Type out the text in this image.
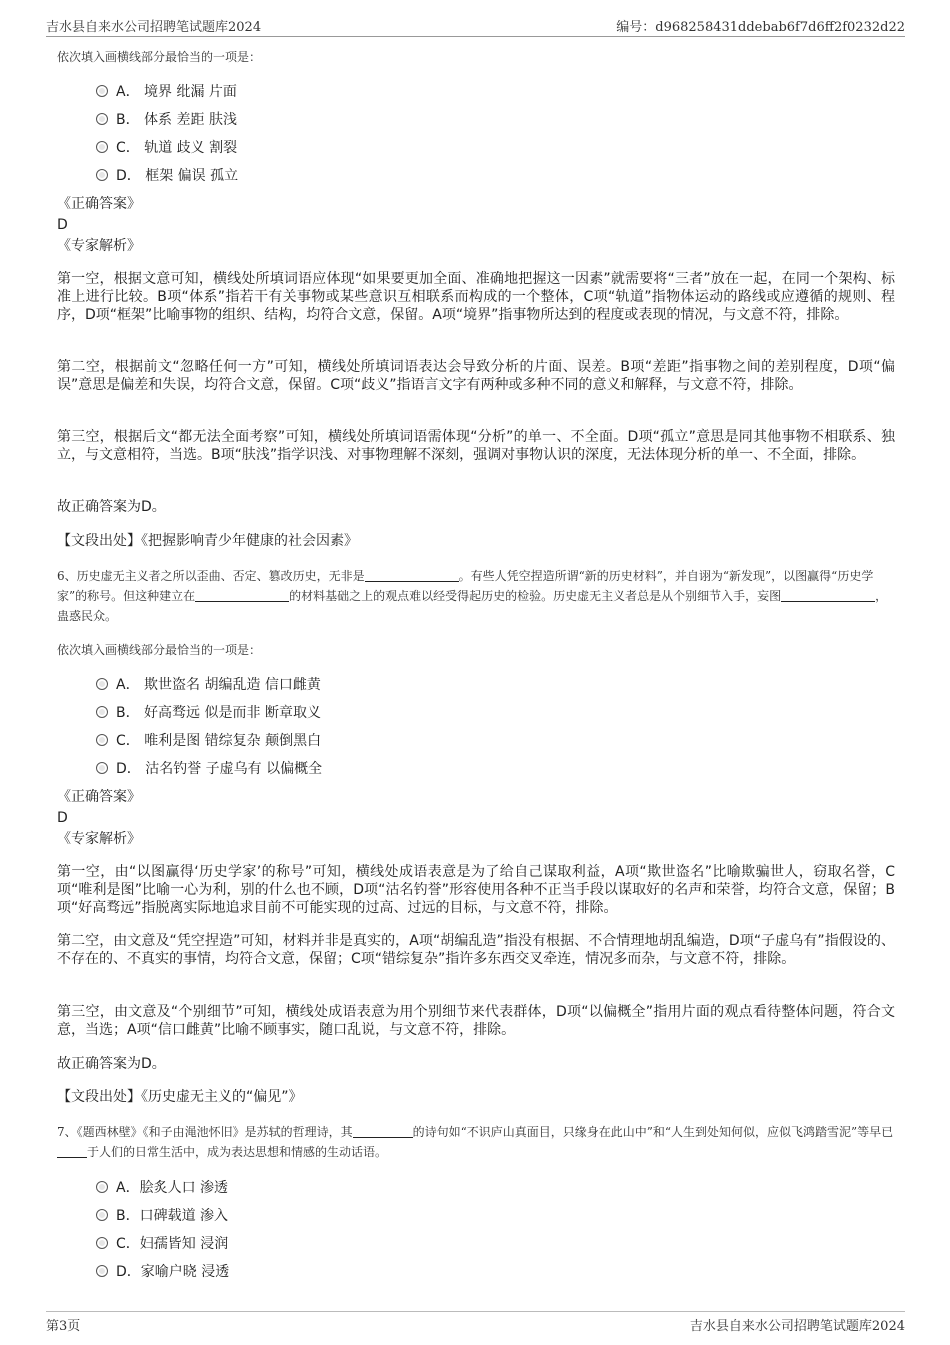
吉水县自来水公司招聘笔试题库2024	编号：d968258431ddebab6f7d6ff2f0232d22
依次填入画横线部分最恰当的一项是：
A． 境界 纰漏 片面
B． 体系 差距 肤浅
C． 轨道 歧义 割裂
D． 框架 偏误 孤立
《正确答案》
D
《专家解析》
第一空，根据文意可知，横线处所填词语应体现“如果要更加全面、准确地把握这一因素”就需要将“三者”放在一起，在同一个架构、标准上进行比较。B项“体系”指若干有关事物或某些意识互相联系而构成的一个整体，C项“轨道”指物体运动的路线或应遵循的规则、程序，D项“框架”比喻事物的组织、结构，均符合文意，保留。A项“境界”指事物所达到的程度或表现的情况，与文意不符，排除。
第二空，根据前文“忽略任何一方”可知，横线处所填词语表达会导致分析的片面、误差。B项“差距”指事物之间的差别程度，D项“偏误”意思是偏差和失误，均符合文意，保留。C项“歧义”指语言文字有两种或多种不同的意义和解释，与文意不符，排除。
第三空，根据后文“都无法全面考察”可知，横线处所填词语需体现“分析”的单一、不全面。D项“孤立”意思是同其他事物不相联系、独立，与文意相符，当选。B项“肤浅”指学识浅、对事物理解不深刻，强调对事物认识的深度，无法体现分析的单一、不全面，排除。
故正确答案为D。
【文段出处】《把握影响青少年健康的社会因素》
6、历史虚无主义者之所以歪曲、否定、篡改历史，无非是	。有些人凭空捏造所谓“新的历史材料”，并自诩为“新发现”，以图赢得“历史学家”的称号。但这种建立在	的材料基础之上的观点难以经受得起历史的检验。历史虚无主义者总是从个别细节入手，妄图	，蛊惑民众。
依次填入画横线部分最恰当的一项是：
A． 欺世盗名 胡编乱造 信口雌黄
B． 好高骛远 似是而非 断章取义
C． 唯利是图 错综复杂 颠倒黑白
D． 沽名钓誉 子虚乌有 以偏概全
《正确答案》
D
《专家解析》
第一空，由“以图赢得‘历史学家’的称号”可知，横线处成语表意是为了给自己谋取利益，A项“欺世盗名”比喻欺骗世人，窃取名誉，C项“唯利是图”比喻一心为利，别的什么也不顾，D项“沽名钓誉”形容使用各种不正当手段以谋取好的名声和荣誉，均符合文意，保留；B项“好高骛远”指脱离实际地追求目前不可能实现的过高、过远的目标，与文意不符，排除。
第二空，由文意及“凭空捏造”可知，材料并非是真实的，A项“胡编乱造”指没有根据、不合情理地胡乱编造，D项“子虚乌有”指假设的、不存在的、不真实的事情，均符合文意，保留；C项“错综复杂”指许多东西交叉牵连，情况多而杂，与文意不符，排除。
第三空，由文意及“个别细节”可知，横线处成语表意为用个别细节来代表群体，D项“以偏概全”指用片面的观点看待整体问题，符合文意，当选；A项“信口雌黄”比喻不顾事实，随口乱说，与文意不符，排除。
故正确答案为D。
【文段出处】《历史虚无主义的“偏见”》
7、《题西林壁》《和子由渑池怀旧》是苏轼的哲理诗，其	的诗句如“不识庐山真面目，只缘身在此山中”和“人生到处知何似，应似飞鸿踏雪泥”等早已于人们的日常生活中，成为表达思想和情感的生动话语。
A．脍炙人口 渗透
B．口碑载道 渗入
C．妇孺皆知 浸润
D．家喻户晓 浸透
第3页	吉水县自来水公司招聘笔试题库2024
